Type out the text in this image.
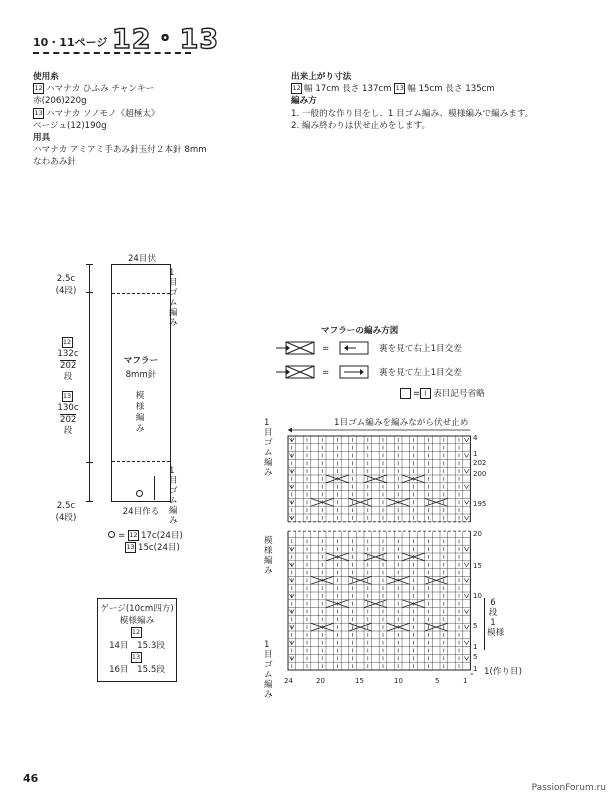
10・11ページ 12・13
使用糸
12 ハマナカ ひふみ チャンキー
赤(206)220g
13 ハマナカ ソノモノ《超極太》
ベージュ(12)190g
用具
ハマナカ アミアミ手あみ針玉付２本針 8mm
なわあみ針
出来上がり寸法
12 幅 17cm 長さ 137cm 13 幅 15cm 長さ 135cm
編み方
1. 一般的な作り目をし、1 目ゴム編み、模様編みで編みます。
2. 編み終わりは伏せ止めをします。
24目伏
マフラー
8mm針
模様編み
1目ゴム編み
1目ゴム編み
24目作る
2.5c
(4段)
12
132c
202
段
13
130c
202
段
2.5c
(4段)
= 12 17c(24目)
13 15c(24目)
ゲージ(10cm四方)
模様編み
12
14目　15.3段
13
16目　15.5段
マフラーの編み方図
=
=
裏を見て右上1目交差
裏を見て左上1目交差
= | 表目記号省略
1目ゴム編みを編みながら伏せ止め
1目ゴム編み
模様編み
1目ゴム編み
4
1
202
200
195
20
15
10
5
1
5
1
6
段
1
模様
1(作り目)
24	20	15	10	5	1
46
PassionForum.ru
